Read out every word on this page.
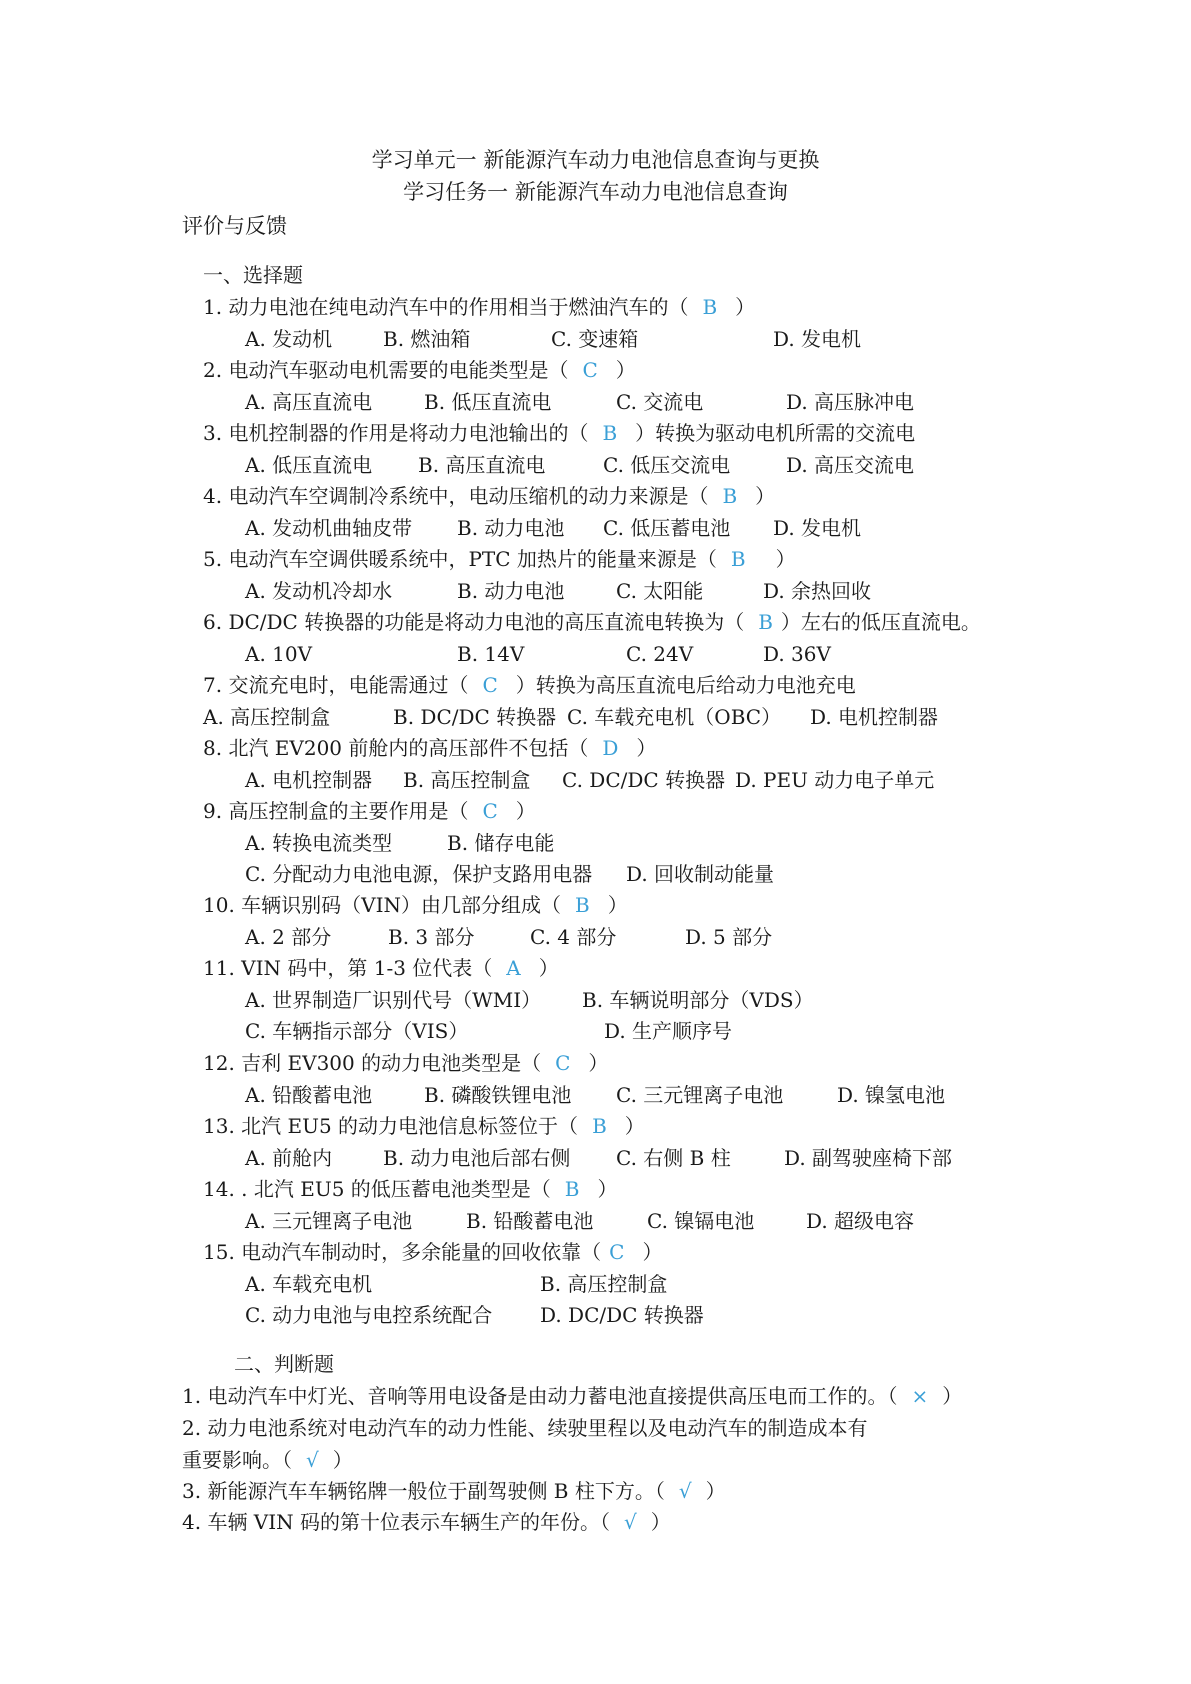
学习单元一 新能源汽车动力电池信息查询与更换
学习任务一 新能源汽车动力电池信息查询
评价与反馈
一、选择题
1. 动力电池在纯电动汽车中的作用相当于燃油汽车的（ B ）
A. 发动机	B. 燃油箱	C. 变速箱	D. 发电机
2. 电动汽车驱动电机需要的电能类型是（ C ）
A. 高压直流电	B. 低压直流电	C. 交流电	D. 高压脉冲电
3. 电机控制器的作用是将动力电池输出的（ B ）转换为驱动电机所需的交流电
A. 低压直流电 B. 高压直流电	C. 低压交流电	D. 高压交流电
4. 电动汽车空调制冷系统中，电动压缩机的动力来源是（ B ）
A. 发动机曲轴皮带 B. 动力电池 C. 低压蓄电池 D. 发电机
5. 电动汽车空调供暖系统中，PTC 加热片的能量来源是（ B ）
A. 发动机冷却水	B. 动力电池	C. 太阳能	D. 余热回收
6. DC/DC 转换器的功能是将动力电池的高压直流电转换为（ B ）左右的低压直流电。
A. 10V	B. 14V	C. 24V	D. 36V
7. 交流充电时，电能需通过（ C ）转换为高压直流电后给动力电池充电
A. 高压控制盒	B. DC/DC 转换器 C. 车载充电机（OBC） D. 电机控制器
8. 北汽 EV200 前舱内的高压部件不包括（ D ）
A. 电机控制器 B. 高压控制盒 C. DC/DC 转换器 D. PEU 动力电子单元
9. 高压控制盒的主要作用是（ C ）
A. 转换电流类型	B. 储存电能
C. 分配动力电池电源，保护支路用电器 D. 回收制动能量
10. 车辆识别码（VIN）由几部分组成（ B ）
A. 2 部分	B. 3 部分	C. 4 部分	D. 5 部分
11. VIN 码中，第 1-3 位代表（ A ）
A. 世界制造厂识别代号（WMI） B. 车辆说明部分（VDS）
C. 车辆指示部分（VIS）	D. 生产顺序号
12. 吉利 EV300 的动力电池类型是（ C ）
A. 铅酸蓄电池	B. 磷酸铁锂电池 C. 三元锂离子电池	D. 镍氢电池
13. 北汽 EU5 的动力电池信息标签位于（ B ）
A. 前舱内	B. 动力电池后部右侧 C. 右侧 B 柱	D. 副驾驶座椅下部
14. . 北汽 EU5 的低压蓄电池类型是（ B ）
A. 三元锂离子电池	B. 铅酸蓄电池	C. 镍镉电池	D. 超级电容
15. 电动汽车制动时，多余能量的回收依靠（ C ）
A. 车载充电机	B. 高压控制盒
C. 动力电池与电控系统配合 D. DC/DC 转换器
二、判断题
1. 电动汽车中灯光、音响等用电设备是由动力蓄电池直接提供高压电而工作的。（ × ）
2. 动力电池系统对电动汽车的动力性能、续驶里程以及电动汽车的制造成本有
重要影响。（ √ ）
3. 新能源汽车车辆铭牌一般位于副驾驶侧 B 柱下方。（ √ ）
4. 车辆 VIN 码的第十位表示车辆生产的年份。（ √ ）
